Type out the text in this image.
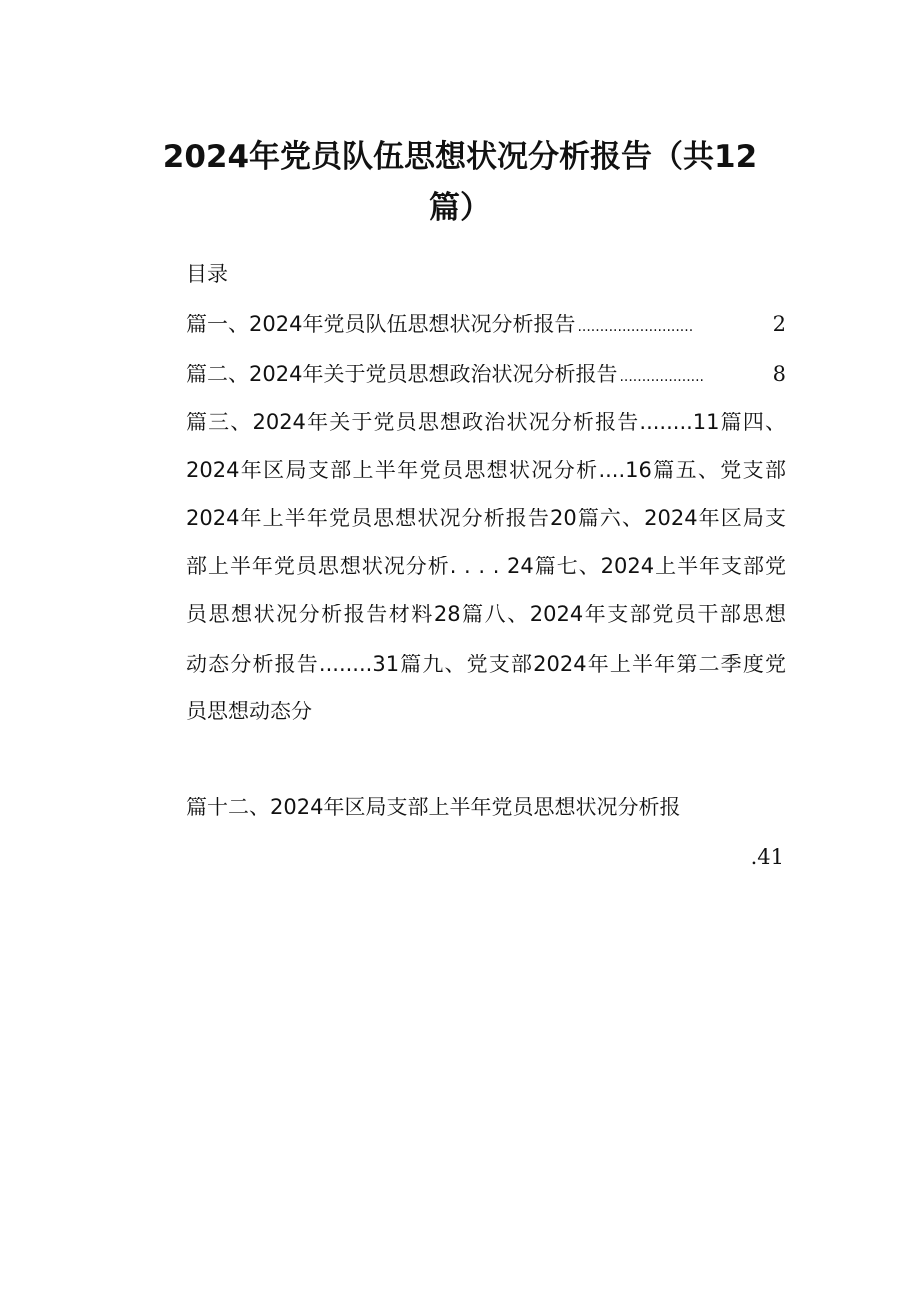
2024年党员队伍思想状况分析报告（共12
篇）
目录
篇一、2024年党员队伍思想状况分析报告 ..........................	2
篇二、2024年关于党员思想政治状况分析报告 ...................	8
篇三、2024年关于党员思想政治状况分析报告........11篇四、
2024年区局支部上半年党员思想状况分析....16篇五、党支部
2024年上半年党员思想状况分析报告20篇六、2024年区局支
部上半年党员思想状况分析. . . . 24篇七、2024上半年支部党
员思想状况分析报告材料28篇八、2024年支部党员干部思想
动态分析报告........31篇九、党支部2024年上半年第二季度党
员思想动态分
篇十二、2024年区局支部上半年党员思想状况分析报
.41
